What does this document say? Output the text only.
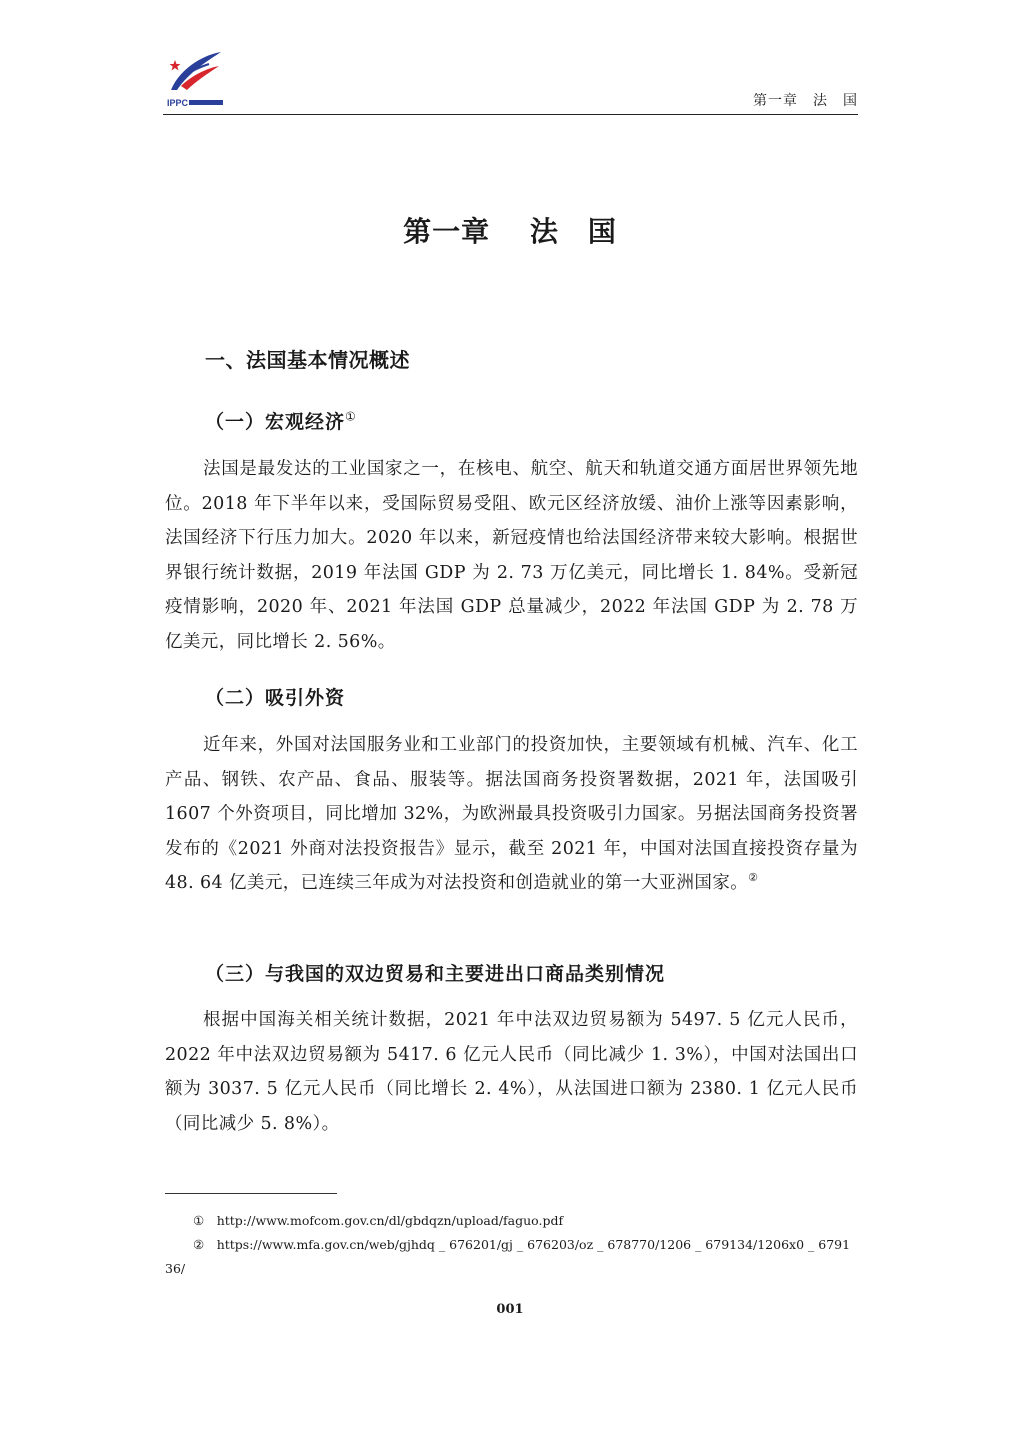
IPPC	第一章　法　国
第一章　 法　国
一、法国基本情况概述
（一）宏观经济①
法国是最发达的工业国家之一，在核电、航空、航天和轨道交通方面居世界领先地位。2018 年下半年以来，受国际贸易受阻、欧元区经济放缓、油价上涨等因素影响，法国经济下行压力加大。2020 年以来，新冠疫情也给法国经济带来较大影响。根据世界银行统计数据，2019 年法国 GDP 为 2. 73 万亿美元，同比增长 1. 84%。受新冠疫情影响，2020 年、2021 年法国 GDP 总量减少，2022 年法国 GDP 为 2. 78 万亿美元，同比增长 2. 56%。
（二）吸引外资
近年来，外国对法国服务业和工业部门的投资加快，主要领域有机械、汽车、化工产品、钢铁、农产品、食品、服装等。据法国商务投资署数据，2021 年，法国吸引 1607 个外资项目，同比增加 32%，为欧洲最具投资吸引力国家。另据法国商务投资署发布的《2021 外商对法投资报告》显示，截至 2021 年，中国对法国直接投资存量为 48. 64 亿美元，已连续三年成为对法投资和创造就业的第一大亚洲国家。②
（三）与我国的双边贸易和主要进出口商品类别情况
根据中国海关相关统计数据，2021 年中法双边贸易额为 5497. 5 亿元人民币，2022 年中法双边贸易额为 5417. 6 亿元人民币（同比减少 1. 3%），中国对法国出口额为 3037. 5 亿元人民币（同比增长 2. 4%），从法国进口额为 2380. 1 亿元人民币（同比减少 5. 8%）。
①　http://www.mofcom.gov.cn/dl/gbdqzn/upload/faguo.pdf
②　https://www.mfa.gov.cn/web/gjhdq _ 676201/gj _ 676203/oz _ 678770/1206 _ 679134/1206x0 _ 679136/
001
